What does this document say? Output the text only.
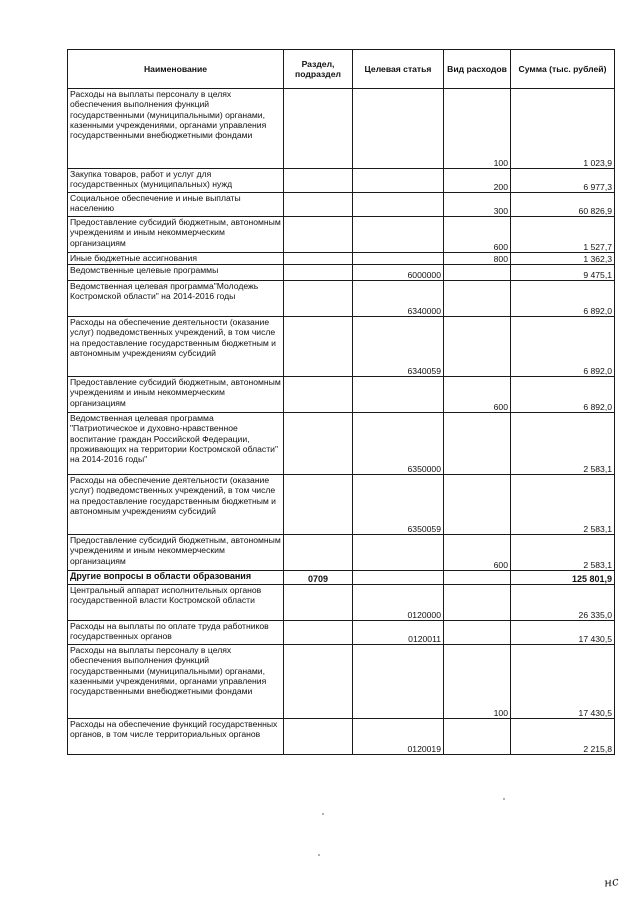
Наименование	Раздел, подраздел	Целевая статья	Вид расходов	Сумма (тыс. рублей)
Расходы на выплаты персоналу в целях обеспечения выполнения функций государственными (муниципальными) органами, казенными учреждениями, органами управления государственными внебюджетными фондами			100	1 023,9
Закупка товаров, работ и услуг для государственных (муниципальных) нужд			200	6 977,3
Социальное обеспечение и иные выплаты населению			300	60 826,9
Предоставление субсидий бюджетным, автономным учреждениям и иным некоммерческим организациям			600	1 527,7
Иные бюджетные ассигнования			800	1 362,3
Ведомственные целевые программы		6000000		9 475,1
Ведомственная целевая программа"Молодежь Костромской области" на 2014-2016 годы		6340000		6 892,0
Расходы на обеспечение деятельности (оказание услуг) подведомственных учреждений, в том числе на предоставление государственным бюджетным и автономным учреждениям субсидий		6340059		6 892,0
Предоставление субсидий бюджетным, автономным учреждениям и иным некоммерческим организациям			600	6 892,0
Ведомственная целевая программа "Патриотическое и духовно-нравственное воспитание граждан Российской Федерации, проживающих на территории Костромской области" на 2014-2016 годы"		6350000		2 583,1
Расходы на обеспечение деятельности (оказание услуг) подведомственных учреждений, в том числе на предоставление государственным бюджетным и автономным учреждениям субсидий		6350059		2 583,1
Предоставление субсидий бюджетным, автономным учреждениям и иным некоммерческим организациям			600	2 583,1
Другие вопросы в области образования	0709			125 801,9
Центральный аппарат исполнительных органов государственной власти Костромской области		0120000		26 335,0
Расходы на выплаты по оплате труда работников государственных органов		0120011		17 430,5
Расходы на выплаты персоналу в целях обеспечения выполнения функций государственными (муниципальными) органами, казенными учреждениями, органами управления государственными внебюджетными фондами			100	17 430,5
Расходы на обеспечение функций государственных органов, в том числе территориальных органов		0120019		2 215,8
нс
